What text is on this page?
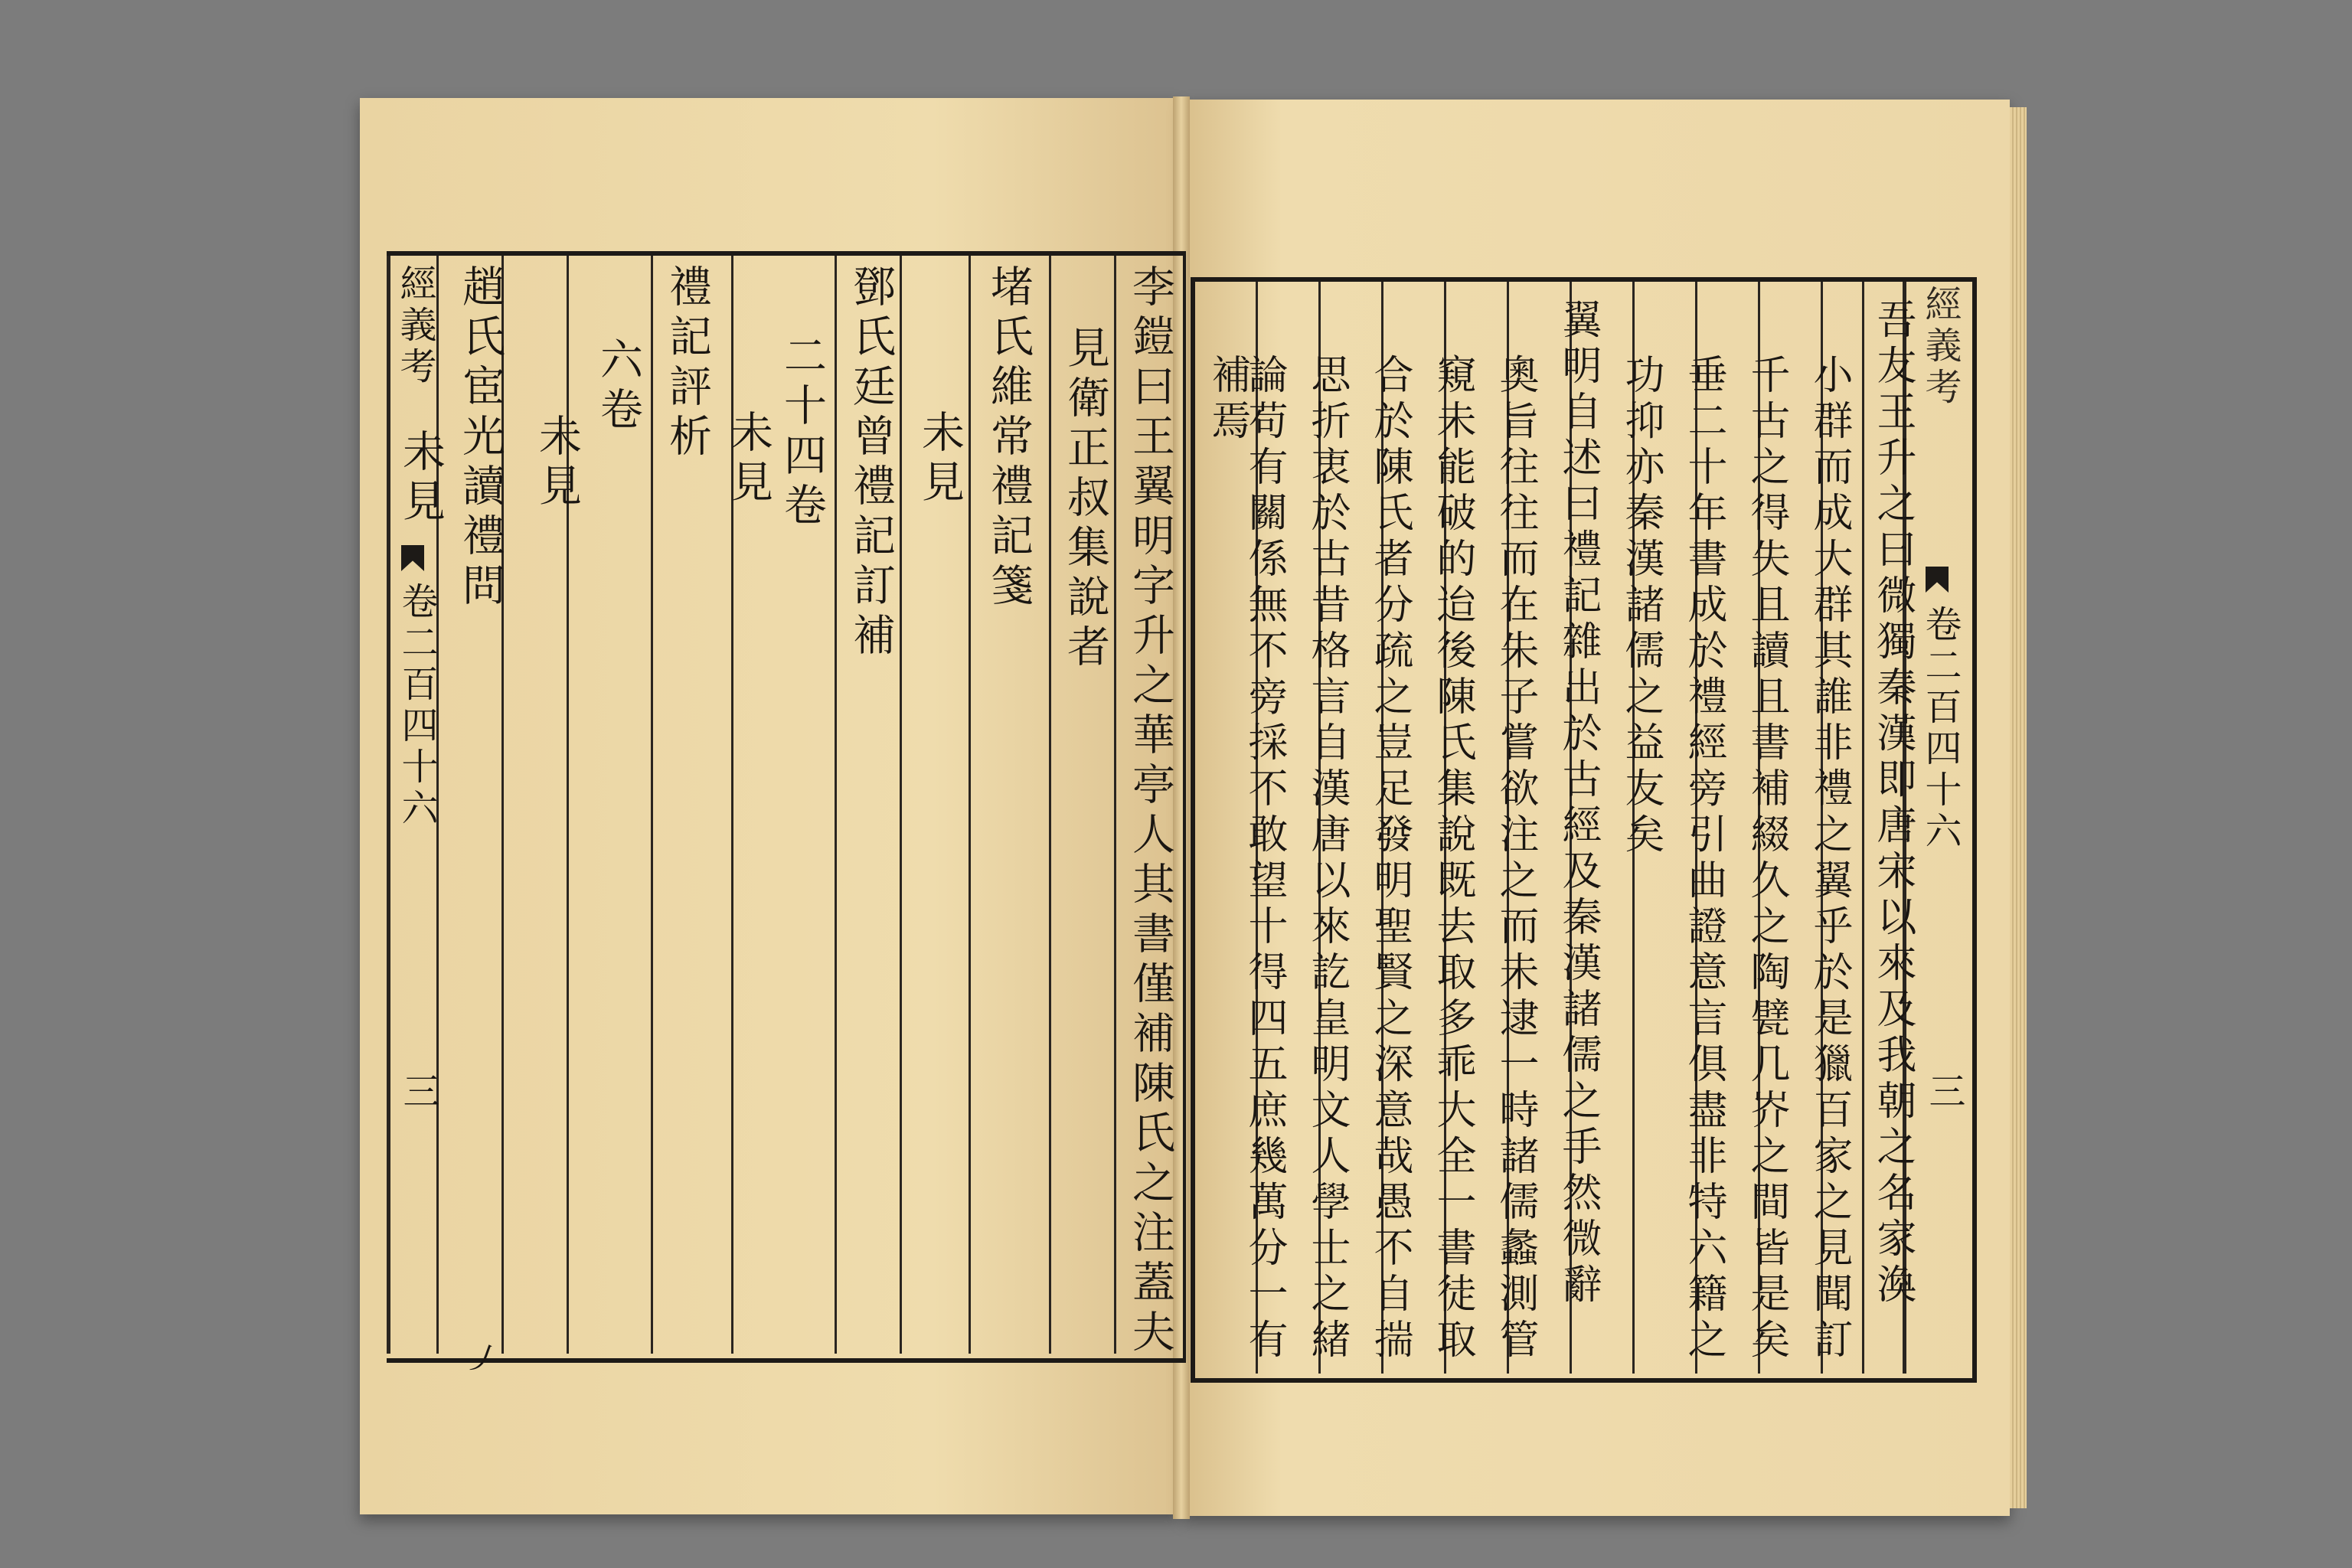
經義考
卷二百四十六
三	李鎧曰王翼明字升之華亭人其書僅補陳氏之注蓋夫
見衛正叔集說者
堵氏維常禮記箋
未見
鄧氏廷曾禮記訂補
二十四卷
未見
禮記評析
六卷
未見
趙氏宦光讀禮問
未見
丿
經義考
卷二百四十六
三
吾友王升之曰微獨秦漢即唐宋以來及我朝之名家渙
小群而成大群其誰非禮之翼乎於是獵百家之見聞訂
千古之得失且讀且書補綴久之陶甓几岕之間皆是矣
垂二十年書成於禮經旁引曲證意言俱盡非特六籍之
功抑亦秦漢諸儒之益友矣
翼明自述曰禮記雜出於古經及秦漢諸儒之手然微辭
奧旨往往而在朱子嘗欲注之而未逮一時諸儒蠡測管
窺未能破的迨後陳氏集說既去取多乖大全一書徒取
合於陳氏者分疏之豈足發明聖賢之深意哉愚不自揣
思折衷於古昔格言自漢唐以來訖皇明文人學士之緒
論苟有關係無不旁採不敢望十得四五庶幾萬分一有
補焉
